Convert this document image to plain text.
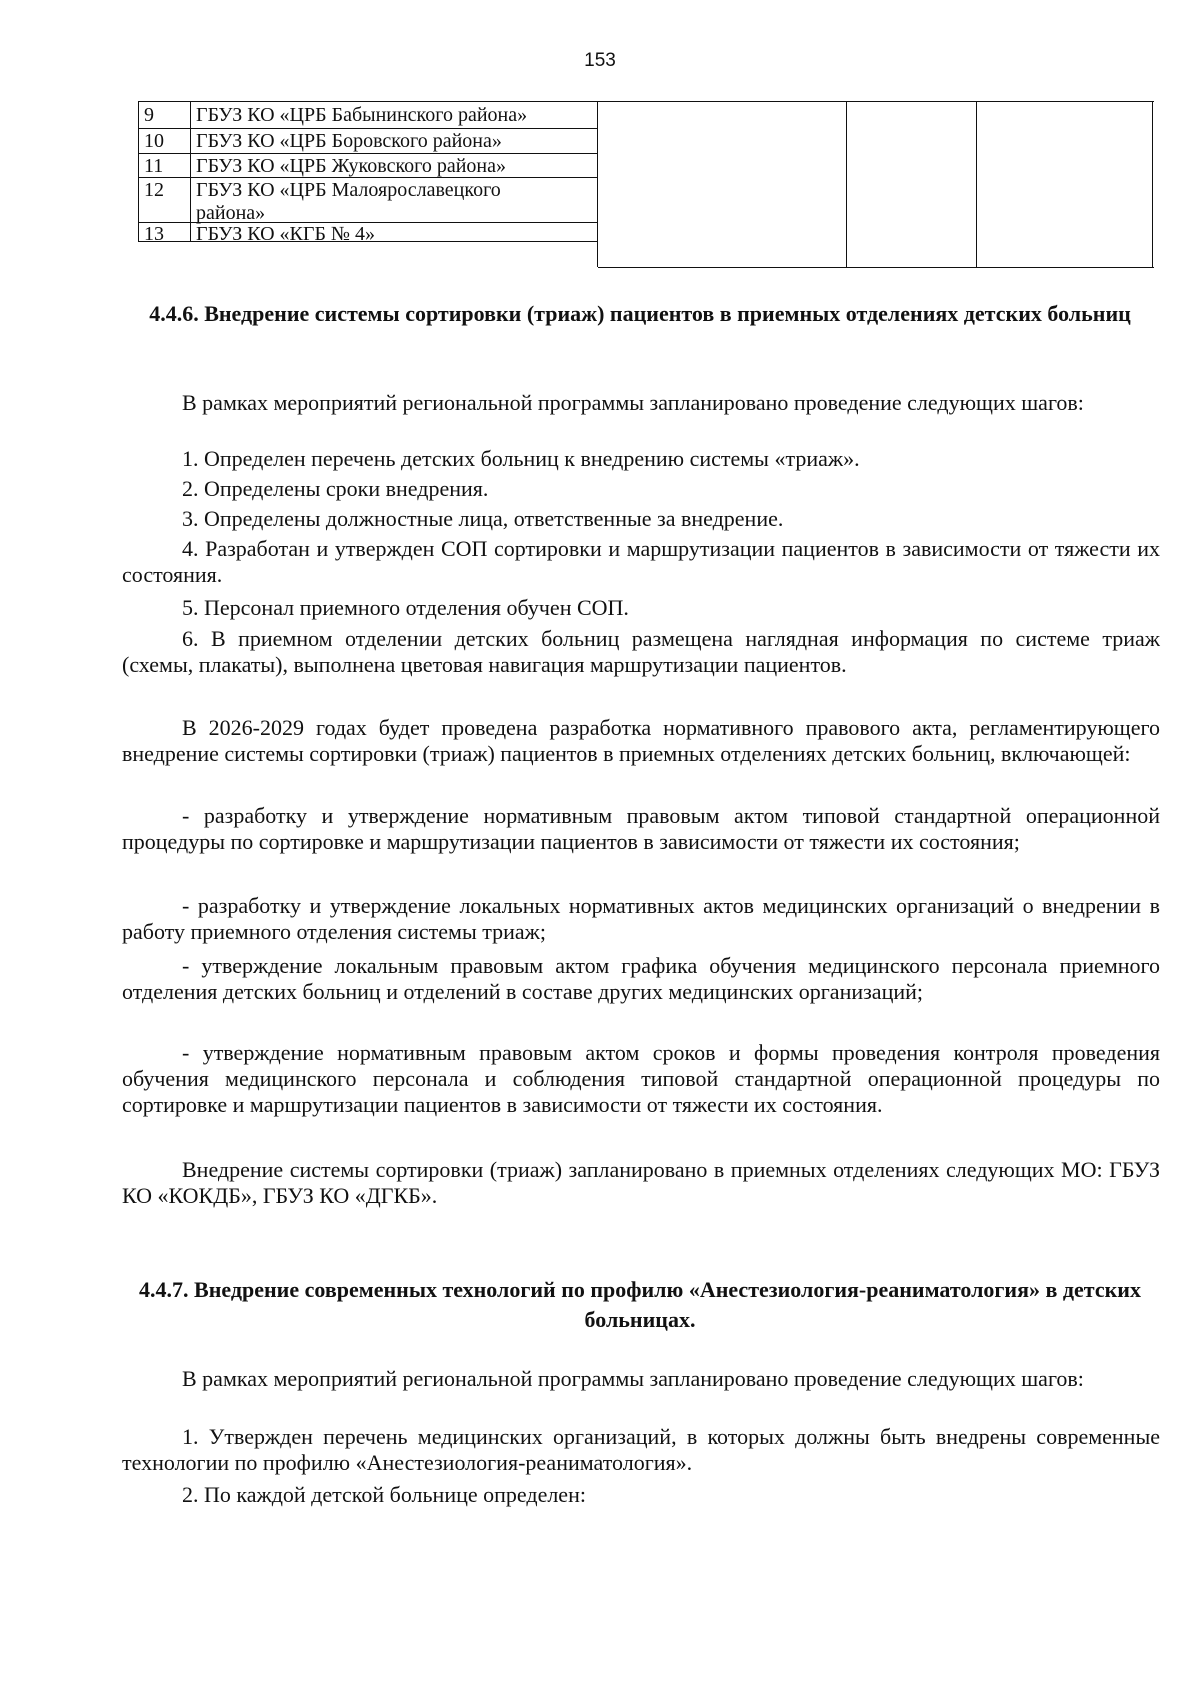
153
9	ГБУЗ КО «ЦРБ Бабынинского района»
10	ГБУЗ КО «ЦРБ Боровского района»
11	ГБУЗ КО «ЦРБ Жуковского района»
12	ГБУЗ КО «ЦРБ Малоярославецкого района»
13	ГБУЗ КО «КГБ № 4»
4.4.6. Внедрение системы сортировки (триаж) пациентов в приемных отделениях детских больниц
В рамках мероприятий региональной программы запланировано проведение следующих шагов:
1. Определен перечень детских больниц к внедрению системы «триаж».
2. Определены сроки внедрения.
3. Определены должностные лица, ответственные за внедрение.
4. Разработан и утвержден СОП сортировки и маршрутизации пациентов в зависимости от тяжести их состояния.
5. Персонал приемного отделения обучен СОП.
6. В приемном отделении детских больниц размещена наглядная информация по системе триаж (схемы, плакаты), выполнена цветовая навигация маршрутизации пациентов.
В 2026-2029 годах будет проведена разработка нормативного правового акта, регламентирующего внедрение системы сортировки (триаж) пациентов в приемных отделениях детских больниц, включающей:
- разработку и утверждение нормативным правовым актом типовой стандартной операционной процедуры по сортировке и маршрутизации пациентов в зависимости от тяжести их состояния;
- разработку и утверждение локальных нормативных актов медицинских организаций о внедрении в работу приемного отделения системы триаж;
- утверждение локальным правовым актом графика обучения медицинского персонала приемного отделения детских больниц и отделений в составе других медицинских организаций;
- утверждение нормативным правовым актом сроков и формы проведения контроля проведения обучения медицинского персонала и соблюдения типовой стандартной операционной процедуры по сортировке и маршрутизации пациентов в зависимости от тяжести их состояния.
Внедрение системы сортировки (триаж) запланировано в приемных отделениях следующих МО: ГБУЗ КО «КОКДБ», ГБУЗ КО «ДГКБ».
4.4.7. Внедрение современных технологий по профилю «Анестезиология-реаниматология» в детских больницах.
В рамках мероприятий региональной программы запланировано проведение следующих шагов:
1. Утвержден перечень медицинских организаций, в которых должны быть внедрены современные технологии по профилю «Анестезиология-реаниматология».
2. По каждой детской больнице определен:
